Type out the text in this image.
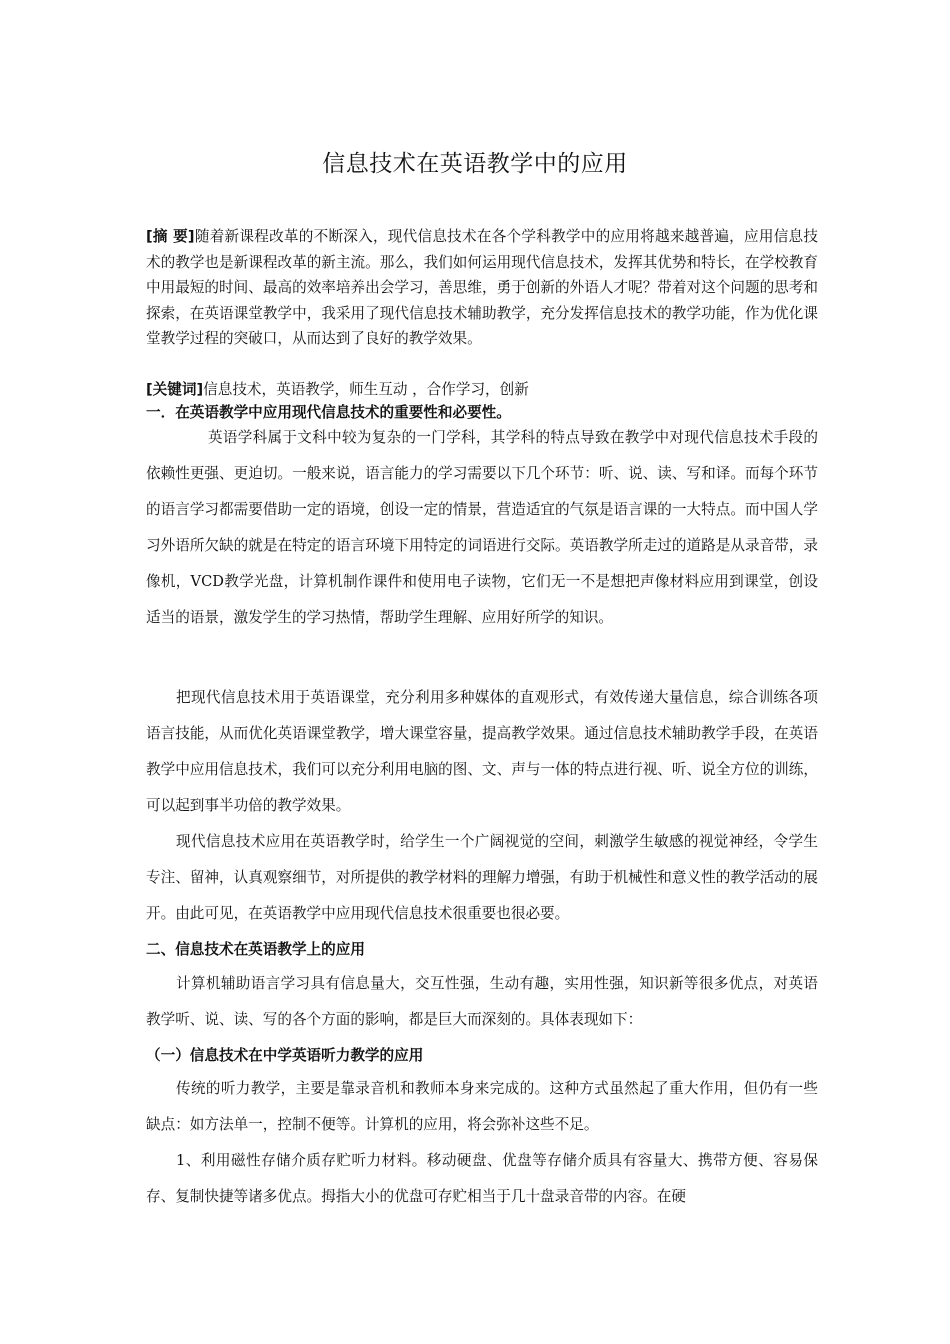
信息技术在英语教学中的应用
[摘 要]随着新课程改革的不断深入，现代信息技术在各个学科教学中的应用将越来越普遍，应用信息技术的教学也是新课程改革的新主流。那么，我们如何运用现代信息技术，发挥其优势和特长，在学校教育中用最短的时间、最高的效率培养出会学习，善思维，勇于创新的外语人才呢？带着对这个问题的思考和探索，在英语课堂教学中，我采用了现代信息技术辅助教学，充分发挥信息技术的教学功能，作为优化课堂教学过程的突破口，从而达到了良好的教学效果。
[关键词]信息技术，英语教学，师生互动 ，合作学习，创新
一．在英语教学中应用现代信息技术的重要性和必要性。
英语学科属于文科中较为复杂的一门学科，其学科的特点导致在教学中对现代信息技术手段的依赖性更强、更迫切。一般来说，语言能力的学习需要以下几个环节：听、说、读、写和译。而每个环节的语言学习都需要借助一定的语境，创设一定的情景，营造适宜的气氛是语言课的一大特点。而中国人学习外语所欠缺的就是在特定的语言环境下用特定的词语进行交际。英语教学所走过的道路是从录音带，录像机，VCD教学光盘，计算机制作课件和使用电子读物，它们无一不是想把声像材料应用到课堂，创设适当的语景，激发学生的学习热情，帮助学生理解、应用好所学的知识。
把现代信息技术用于英语课堂，充分利用多种媒体的直观形式，有效传递大量信息，综合训练各项语言技能，从而优化英语课堂教学，增大课堂容量，提高教学效果。通过信息技术辅助教学手段，在英语教学中应用信息技术，我们可以充分利用电脑的图、文、声与一体的特点进行视、听、说全方位的训练，可以起到事半功倍的教学效果。
现代信息技术应用在英语教学时，给学生一个广阔视觉的空间，刺激学生敏感的视觉神经，令学生专注、留神，认真观察细节，对所提供的教学材料的理解力增强，有助于机械性和意义性的教学活动的展开。由此可见，在英语教学中应用现代信息技术很重要也很必要。
二、信息技术在英语教学上的应用
计算机辅助语言学习具有信息量大，交互性强，生动有趣，实用性强，知识新等很多优点，对英语教学听、说、读、写的各个方面的影响，都是巨大而深刻的。具体表现如下：
（一）信息技术在中学英语听力教学的应用
传统的听力教学，主要是靠录音机和教师本身来完成的。这种方式虽然起了重大作用，但仍有一些缺点：如方法单一，控制不便等。计算机的应用，将会弥补这些不足。
1、利用磁性存储介质存贮听力材料。移动硬盘、优盘等存储介质具有容量大、携带方便、容易保存、复制快捷等诸多优点。拇指大小的优盘可存贮相当于几十盘录音带的内容。在硬
